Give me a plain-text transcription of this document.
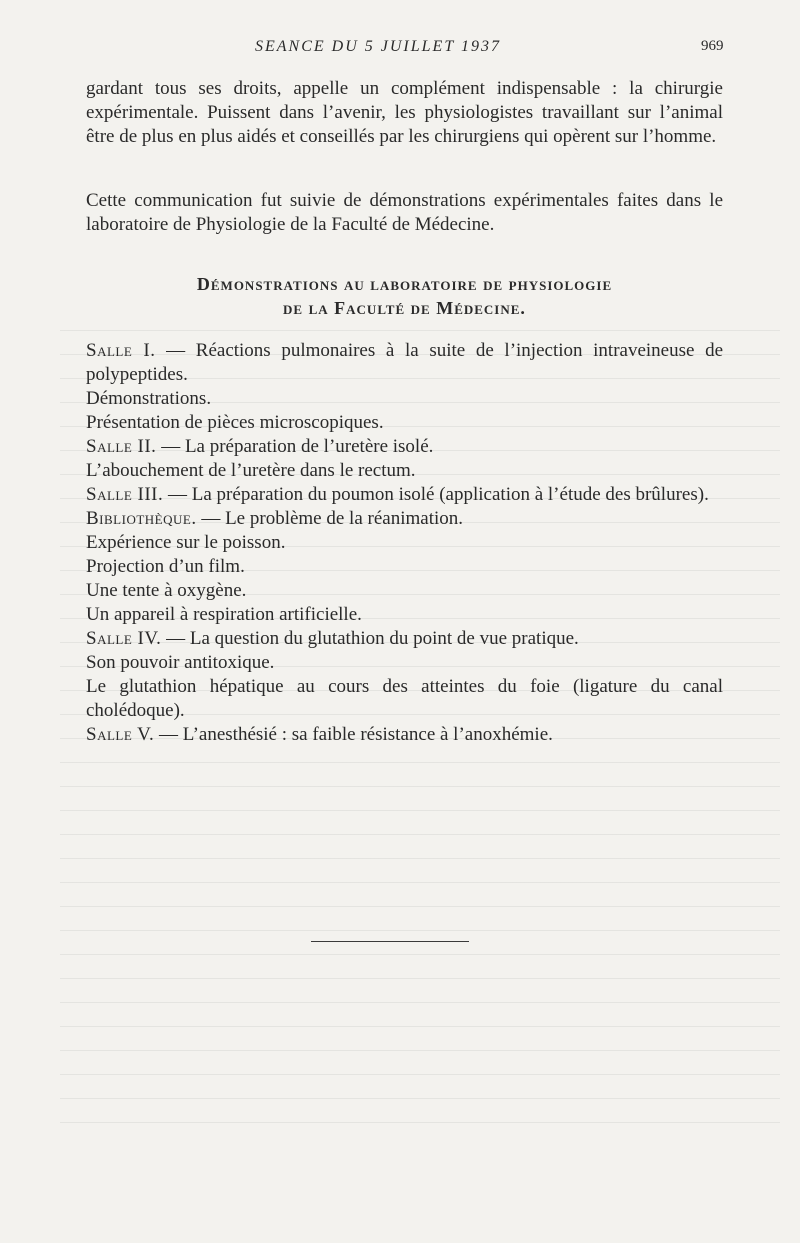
SEANCE DU 5 JUILLET 1937	969

gardant tous ses droits, appelle un complément indispensable : la chirurgie expérimentale. Puissent dans l’avenir, les physiologistes travaillant sur l’animal être de plus en plus aidés et conseillés par les chirurgiens qui opèrent sur l’homme.

Cette communication fut suivie de démonstrations expérimentales faites dans le laboratoire de Physiologie de la Faculté de Médecine.

Démonstrations au laboratoire de physiologie
de la Faculté de Médecine.
Salle I. — Réactions pulmonaires à la suite de l’injection intraveineuse de polypeptides.
Démonstrations.
Présentation de pièces microscopiques.
Salle II. — La préparation de l’uretère isolé.
L’abouchement de l’uretère dans le rectum.
Salle III. — La préparation du poumon isolé (application à l’étude des brûlures).
Bibliothèque. — Le problème de la réanimation.
Expérience sur le poisson.
Projection d’un film.
Une tente à oxygène.
Un appareil à respiration artificielle.
Salle IV. — La question du glutathion du point de vue pratique.
Son pouvoir antitoxique.
Le glutathion hépatique au cours des atteintes du foie (ligature du canal cholédoque).
Salle V. — L’anesthésié : sa faible résistance à l’anoxhémie.
